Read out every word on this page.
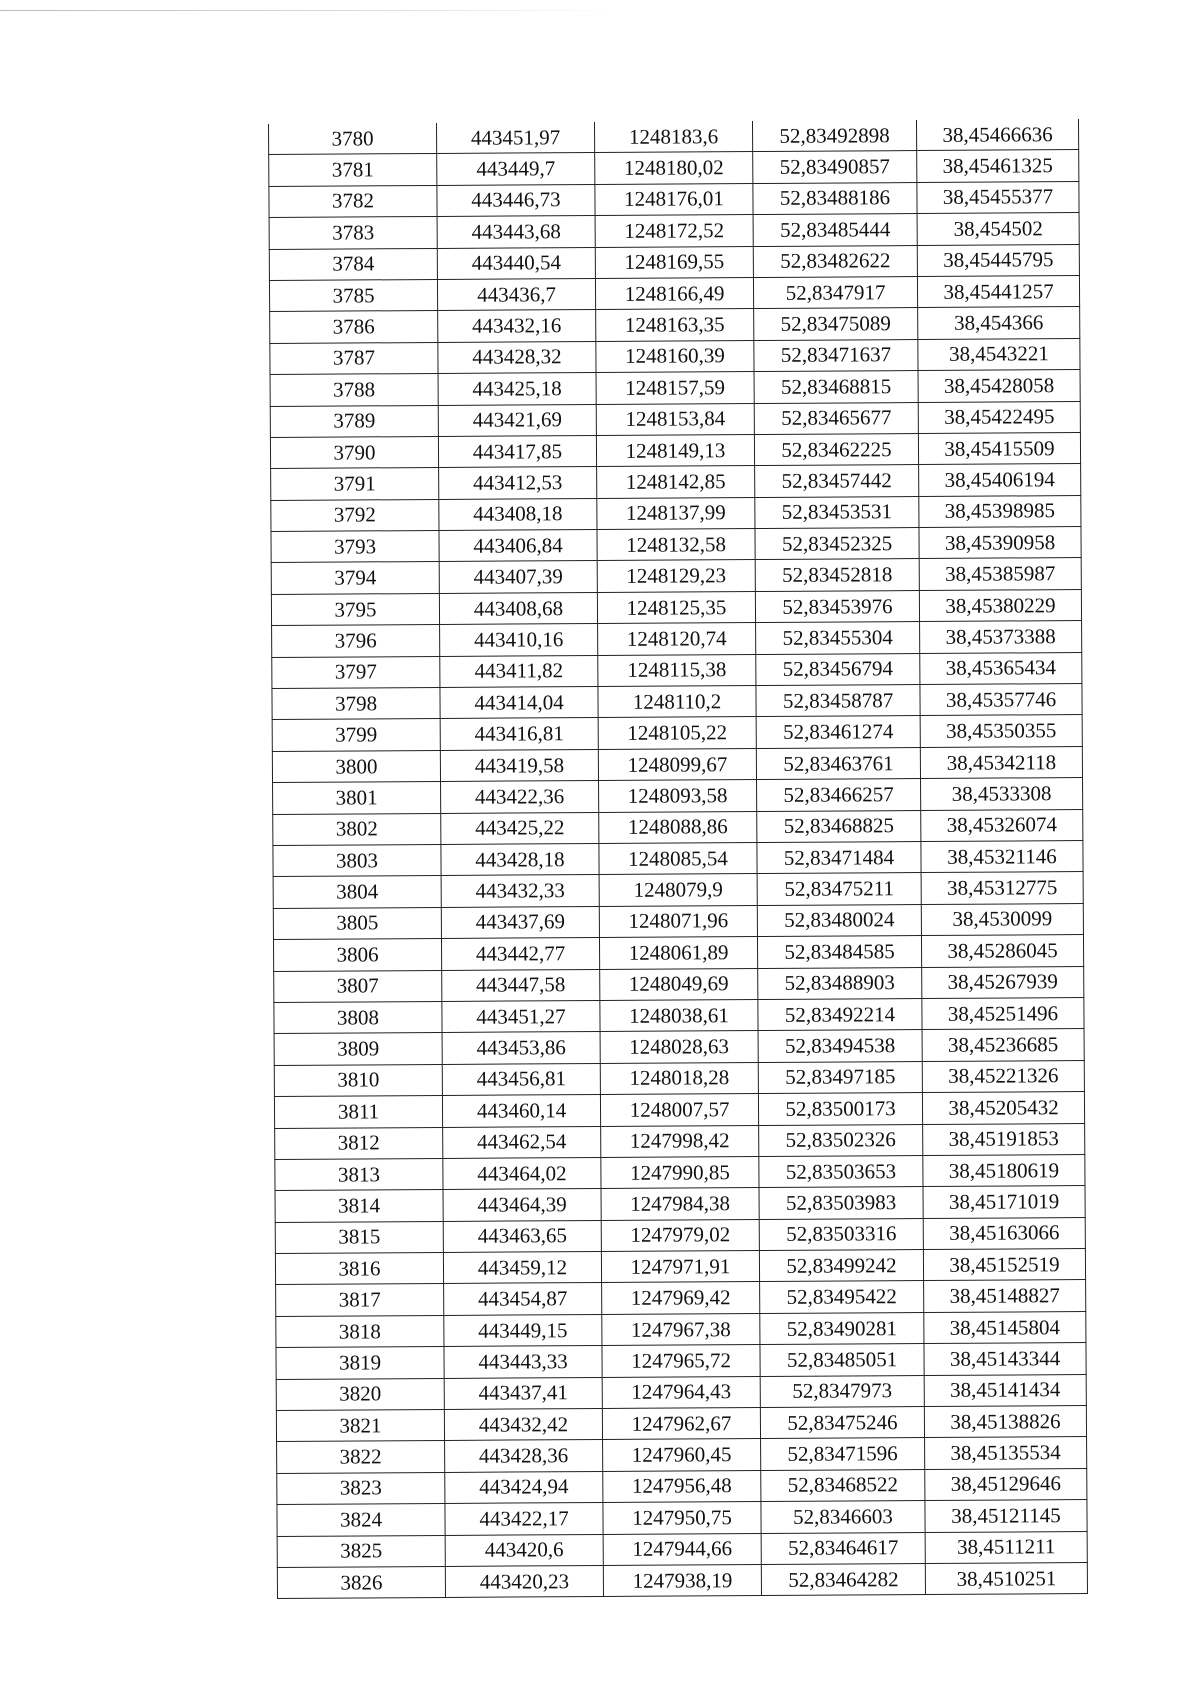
3780	443451,97	1248183,6	52,83492898	38,45466636
3781	443449,7	1248180,02	52,83490857	38,45461325
3782	443446,73	1248176,01	52,83488186	38,45455377
3783	443443,68	1248172,52	52,83485444	38,454502
3784	443440,54	1248169,55	52,83482622	38,45445795
3785	443436,7	1248166,49	52,8347917	38,45441257
3786	443432,16	1248163,35	52,83475089	38,454366
3787	443428,32	1248160,39	52,83471637	38,4543221
3788	443425,18	1248157,59	52,83468815	38,45428058
3789	443421,69	1248153,84	52,83465677	38,45422495
3790	443417,85	1248149,13	52,83462225	38,45415509
3791	443412,53	1248142,85	52,83457442	38,45406194
3792	443408,18	1248137,99	52,83453531	38,45398985
3793	443406,84	1248132,58	52,83452325	38,45390958
3794	443407,39	1248129,23	52,83452818	38,45385987
3795	443408,68	1248125,35	52,83453976	38,45380229
3796	443410,16	1248120,74	52,83455304	38,45373388
3797	443411,82	1248115,38	52,83456794	38,45365434
3798	443414,04	1248110,2	52,83458787	38,45357746
3799	443416,81	1248105,22	52,83461274	38,45350355
3800	443419,58	1248099,67	52,83463761	38,45342118
3801	443422,36	1248093,58	52,83466257	38,4533308
3802	443425,22	1248088,86	52,83468825	38,45326074
3803	443428,18	1248085,54	52,83471484	38,45321146
3804	443432,33	1248079,9	52,83475211	38,45312775
3805	443437,69	1248071,96	52,83480024	38,4530099
3806	443442,77	1248061,89	52,83484585	38,45286045
3807	443447,58	1248049,69	52,83488903	38,45267939
3808	443451,27	1248038,61	52,83492214	38,45251496
3809	443453,86	1248028,63	52,83494538	38,45236685
3810	443456,81	1248018,28	52,83497185	38,45221326
3811	443460,14	1248007,57	52,83500173	38,45205432
3812	443462,54	1247998,42	52,83502326	38,45191853
3813	443464,02	1247990,85	52,83503653	38,45180619
3814	443464,39	1247984,38	52,83503983	38,45171019
3815	443463,65	1247979,02	52,83503316	38,45163066
3816	443459,12	1247971,91	52,83499242	38,45152519
3817	443454,87	1247969,42	52,83495422	38,45148827
3818	443449,15	1247967,38	52,83490281	38,45145804
3819	443443,33	1247965,72	52,83485051	38,45143344
3820	443437,41	1247964,43	52,8347973	38,45141434
3821	443432,42	1247962,67	52,83475246	38,45138826
3822	443428,36	1247960,45	52,83471596	38,45135534
3823	443424,94	1247956,48	52,83468522	38,45129646
3824	443422,17	1247950,75	52,8346603	38,45121145
3825	443420,6	1247944,66	52,83464617	38,4511211
3826	443420,23	1247938,19	52,83464282	38,4510251
